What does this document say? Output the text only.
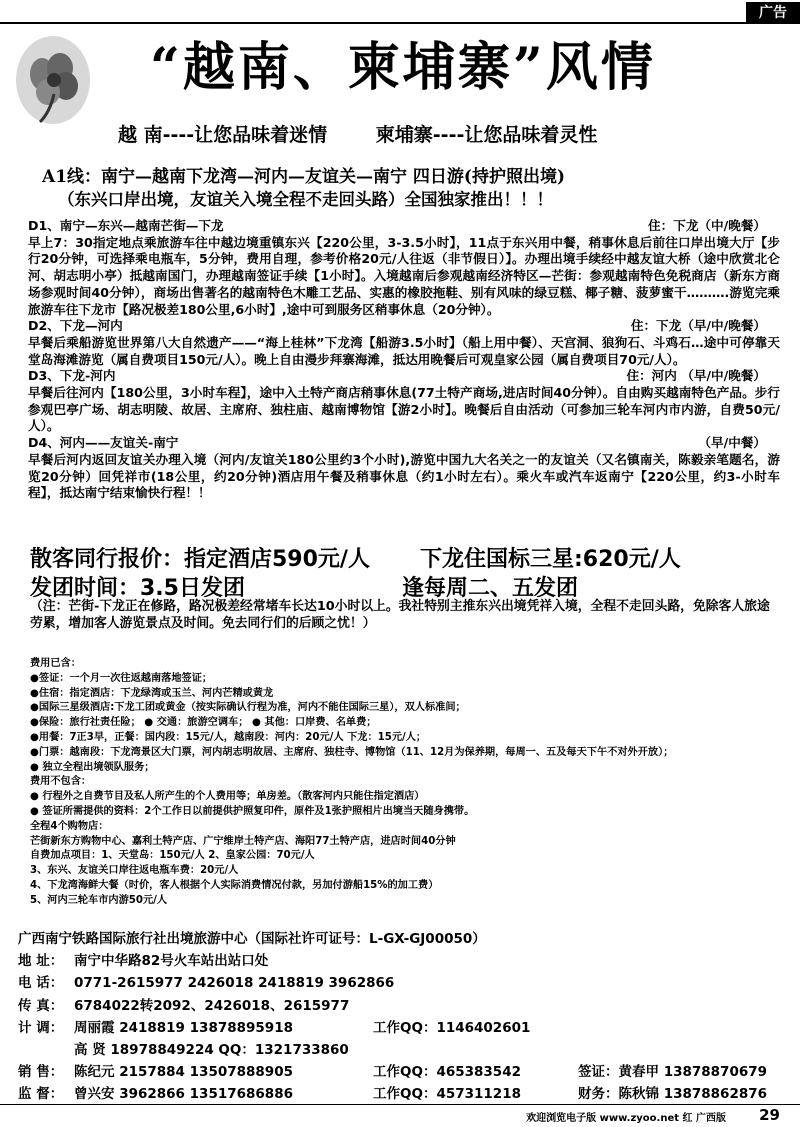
广告
“越南、柬埔寨”风情
越 南----让您品味着迷情	柬埔寨----让您品味着灵性
A1线：南宁—越南下龙湾—河内—友谊关—南宁 四日游(持护照出境)
（东兴口岸出境，友谊关入境全程不走回头路）全国独家推出！！！
D1、南宁—东兴—越南芒街—下龙	住：下龙（中/晚餐）
早上7：30指定地点乘旅游车往中越边境重镇东兴【220公里，3-3.5小时】，11点于东兴用中餐，稍事休息后前往口岸出境大厅【步行20分钟，可选择乘电瓶车，5分钟，费用自理，参考价格20元/人往返（非节假日）】。办理出境手续经中越友谊大桥（途中欣赏北仑河、胡志明小亭）抵越南国门，办理越南签证手续【1小时】。入境越南后参观越南经济特区—芒街：参观越南特色免税商店（新东方商场参观时间40分钟），商场出售著名的越南特色木雕工艺品、实惠的橡胶拖鞋、别有风味的绿豆糕、椰子糖、菠萝蜜干……….游览完乘旅游车往下龙市【路况极差180公里,6小时】,途中可到服务区稍事休息（20分钟）。
D2、下龙—河内	住：下龙（早/中/晚餐）
早餐后乘船游览世界第八大自然遗产——“海上桂林”下龙湾【船游3.5小时】（船上用中餐）、天宫洞、狼狗石、斗鸡石…途中可停靠天堂岛海滩游览（属自费项目150元/人）。晚上自由漫步拜寨海滩，抵达用晚餐后可观皇家公园（属自费项目70元/人）。
D3、下龙-河内	住：河内 （早/中/晚餐）
早餐后往河内【180公里，3小时车程】，途中入土特产商店稍事休息(77土特产商场,进店时间40分钟）。自由购买越南特色产品。步行参观巴亭广场、胡志明陵、故居、主席府、独柱庙、越南博物馆【游2小时】。晚餐后自由活动（可参加三轮车河内市内游，自费50元/人）。
D4、河内——友谊关-南宁	（早/中餐）
早餐后河内返回友谊关办理入境（河内/友谊关180公里约3个小时),游览中国九大名关之一的友谊关（又名镇南关，陈毅亲笔题名，游览20分钟）回凭祥市(18公里，约20分钟)酒店用午餐及稍事休息（约1小时左右）。乘火车或汽车返南宁【220公里，约3-小时车程】，抵达南宁结束愉快行程！！
散客同行报价：指定酒店590元/人 下龙住国标三星:620元/人
发团时间：3.5日发团	逢每周二、五发团
（注：芒街-下龙正在修路，路况极差经常堵车长达10小时以上。我社特别主推东兴出境凭祥入境，全程不走回头路，免除客人旅途劳累，增加客人游览景点及时间。免去同行们的后顾之忧！）
费用已含：
●签证：一个月一次往返越南落地签证；
●住宿：指定酒店：下龙绿湾或玉兰、河内芒精或黄龙
●国际三星级酒店:下龙工团或黄金（按实际确认行程为准，河内不能住国际三星），双人标准间；
●保险：旅行社责任险； ● 交通：旅游空调车； ● 其他：口岸费、名单费；
●用餐：7正3早，正餐：国内段：15元/人，越南段：河内：20元/人 下龙：15元/人；
●门票：越南段：下龙湾景区大门票，河内胡志明故居、主席府、独柱寺、博物馆（11、12月为保养期，每周一、五及每天下午不对外开放）；
● 独立全程出境领队服务；
费用不包含：
● 行程外之自费节目及私人所产生的个人费用等；单房差。（散客河内只能住指定酒店）
● 签证所需提供的资料：2个工作日以前提供护照复印件，原件及1张护照相片出境当天随身携带。
全程4个购物店：
芒街新东方购物中心、嘉利土特产店、广宁维岸土特产店、海阳77土特产店，进店时间40分钟
自费加点项目：1、天堂岛：150元/人 2、皇家公园：70元/人
3、东兴、友谊关口岸往返电瓶车费：20元/人
4、下龙湾海鲜大餐（时价，客人根据个人实际消费情况付款，另加付游船15%的加工费）
5、河内三轮车市内游50元/人
广西南宁铁路国际旅行社出境旅游中心（国际社许可证号：L-GX-GJ00050）
地 址： 南宁中华路82号火车站出站口处
电 话： 0771-2615977 2426018 2418819 3962866
传 真： 6784022转2092、2426018、2615977
计 调： 周丽霞 2418819 13878895918	工作QQ：1146402601
高 贤 18978849224 QQ：1321733860
销 售： 陈纪元 2157884 13507888905	工作QQ：465383542	签证：黄春甲 13878870679
监 督： 曾兴安 3962866 13517686886	工作QQ：457311218	财务：陈秋锦 13878862876
欢迎浏览电子版 www.zyoo.net 红 广西版 29
